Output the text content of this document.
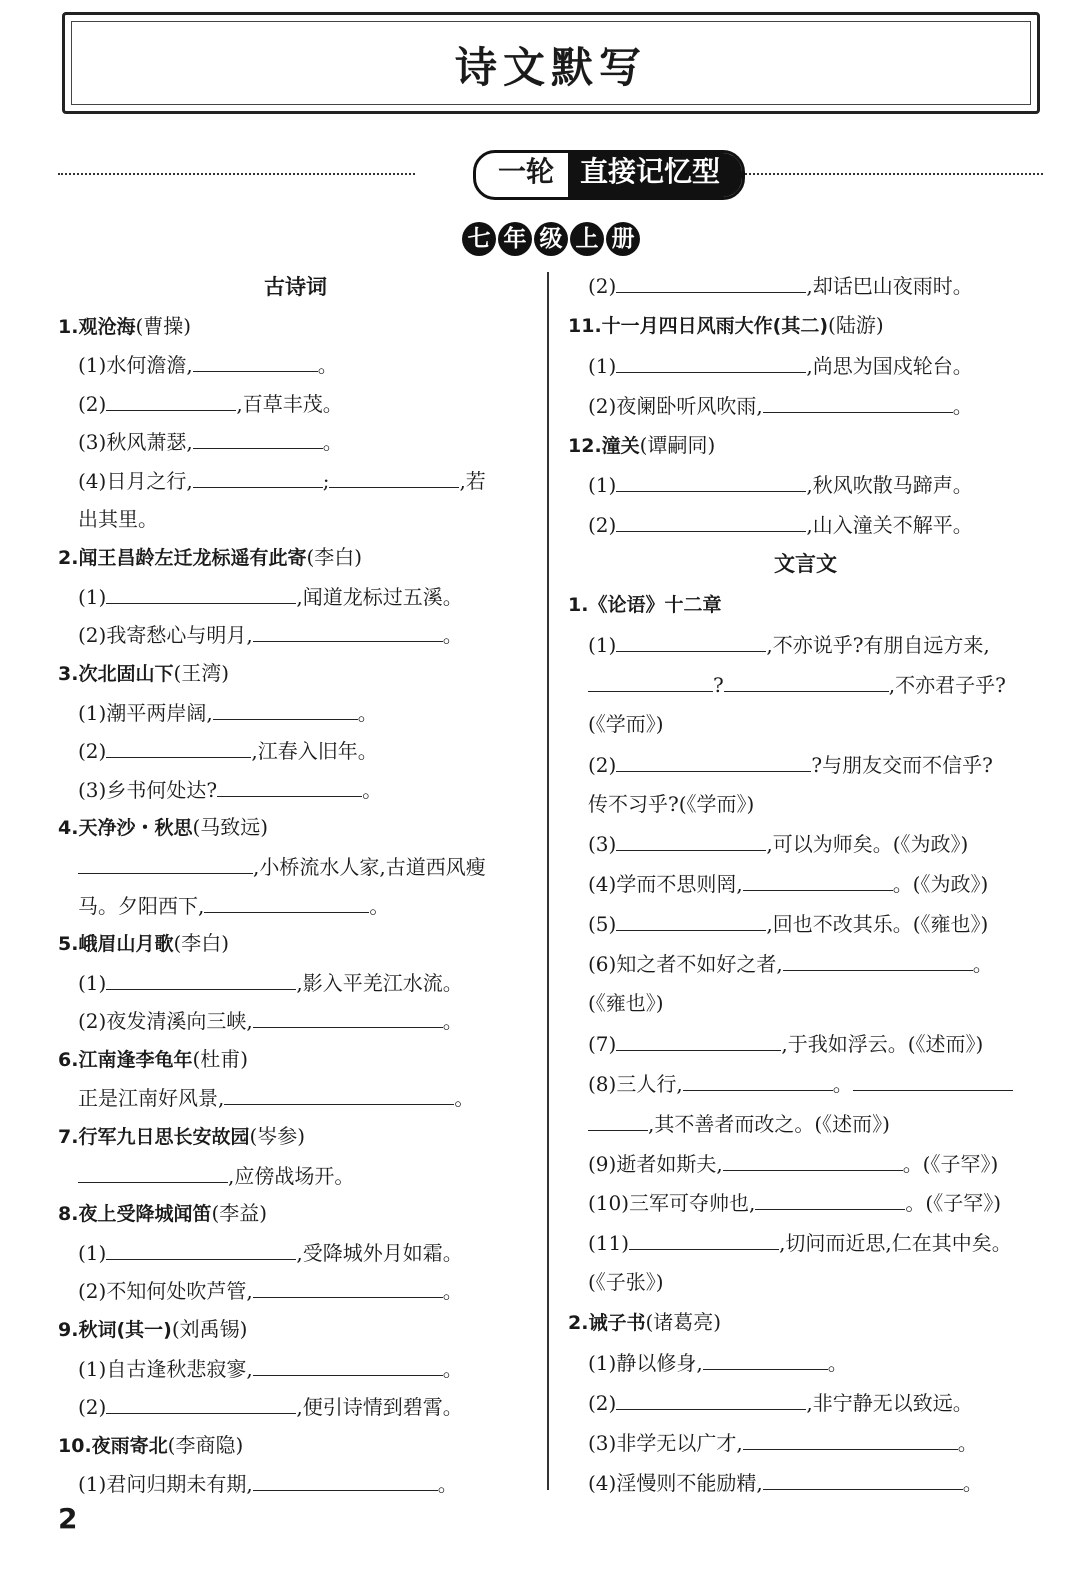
诗文默写
一轮 直接记忆型
七 年 级 上 册
古诗词
1.观沧海(曹操)
(1)水何澹澹,	。
(2)	,百草丰茂。
(3)秋风萧瑟,	。
(4)日月之行,	;	,若
出其里。
2.闻王昌龄左迁龙标遥有此寄(李白)
(1)	,闻道龙标过五溪。
(2)我寄愁心与明月,	。
3.次北固山下(王湾)
(1)潮平两岸阔,	。
(2)	,江春入旧年。
(3)乡书何处达?	。
4.天净沙・秋思(马致远)
,小桥流水人家,古道西风瘦
马。夕阳西下,	。
5.峨眉山月歌(李白)
(1)	,影入平羌江水流。
(2)夜发清溪向三峡,	。
6.江南逢李龟年(杜甫)
正是江南好风景,	。
7.行军九日思长安故园(岑参)
,应傍战场开。
8.夜上受降城闻笛(李益)
(1)	,受降城外月如霜。
(2)不知何处吹芦管,	。
9.秋词(其一)(刘禹锡)
(1)自古逢秋悲寂寥,	。
(2)	,便引诗情到碧霄。
10.夜雨寄北(李商隐)
(1)君问归期未有期,	。
(2)	,却话巴山夜雨时。
11.十一月四日风雨大作(其二)(陆游)
(1)	,尚思为国戍轮台。
(2)夜阑卧听风吹雨,	。
12.潼关(谭嗣同)
(1)	,秋风吹散马蹄声。
(2)	,山入潼关不解平。
文言文
1.《论语》十二章
(1)	,不亦说乎?有朋自远方来,
?	,不亦君子乎?
(《学而》)
(2)	?与朋友交而不信乎?
传不习乎?(《学而》)
(3)	,可以为师矣。(《为政》)
(4)学而不思则罔,	。(《为政》)
(5)	,回也不改其乐。(《雍也》)
(6)知之者不如好之者,	。
(《雍也》)
(7)	,于我如浮云。(《述而》)
(8)三人行,	。
,其不善者而改之。(《述而》)
(9)逝者如斯夫,	。(《子罕》)
(10)三军可夺帅也,	。(《子罕》)
(11)	,切问而近思,仁在其中矣。
(《子张》)
2.诫子书(诸葛亮)
(1)静以修身,	。
(2)	,非宁静无以致远。
(3)非学无以广才,	。
(4)淫慢则不能励精,	。
2
